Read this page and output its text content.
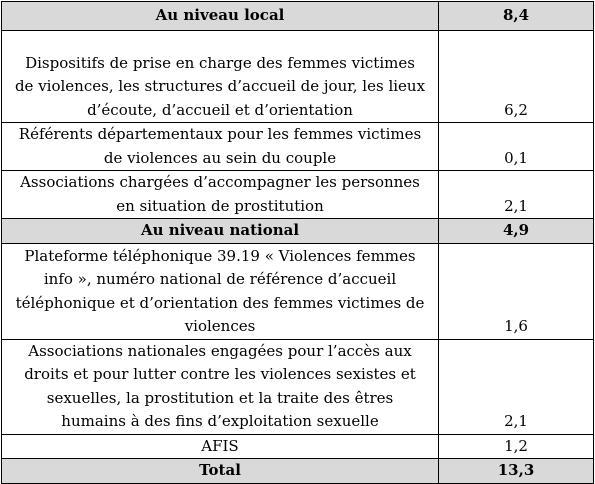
Au niveau local	8,4

Dispositifs de prise en charge des femmes victimes
de violences, les structures d’accueil de jour, les lieux
d’écoute, d’accueil et d’orientation	6,2

Référents départementaux pour les femmes victimes
de violences au sein du couple	0,1

Associations chargées d’accompagner les personnes
en situation de prostitution	2,1

Au niveau national	4,9

Plateforme téléphonique 39.19 « Violences femmes
info », numéro national de référence d’accueil
téléphonique et d’orientation des femmes victimes de
violences	1,6

Associations nationales engagées pour l’accès aux
droits et pour lutter contre les violences sexistes et
sexuelles, la prostitution et la traite des êtres
humains à des fins d’exploitation sexuelle	2,1

AFIS	1,2

Total	13,3
